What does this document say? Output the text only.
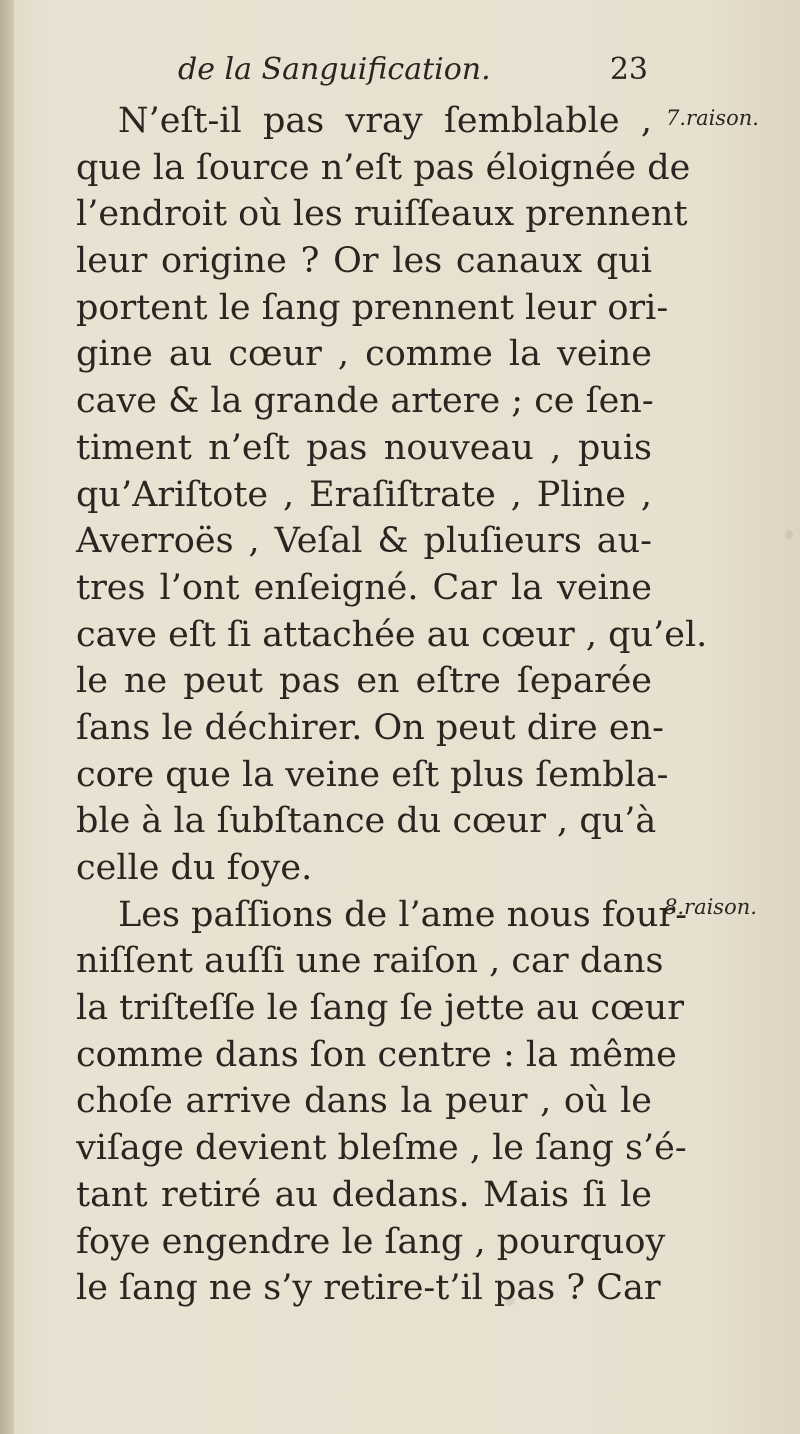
de la Sanguification.	23
7.raison.
8.raison.
N’eſt-il pas vray ſemblable ,
que la ſource n’eſt pas éloignée de
l’endroit où les ruiſſeaux prennent
leur origine ? Or les canaux qui
portent le ſang prennent leur ori-
gine au cœur , comme la veine
cave & la grande artere ; ce ſen-
timent n’eſt pas nouveau , puis
qu’Ariſtote , Eraſiſtrate , Pline ,
Averroës , Veſal & pluſieurs au-
tres l’ont enſeigné. Car la veine
cave eſt ſi attachée au cœur , qu’el.
le ne peut pas en eſtre ſeparée
ſans le déchirer. On peut dire en-
core que la veine eſt plus ſembla-
ble à la ſubſtance du cœur , qu’à
celle du foye.
Les paſſions de l’ame nous four-
niſſent auſſi une raiſon , car dans
la triſteſſe le ſang ſe jette au cœur
comme dans ſon centre : la même
choſe arrive dans la peur , où le
viſage devient bleſme , le ſang s’é-
tant retiré au dedans. Mais ſi le
foye engendre le ſang , pourquoy
le ſang ne s’y retire-t’il pas ? Car
